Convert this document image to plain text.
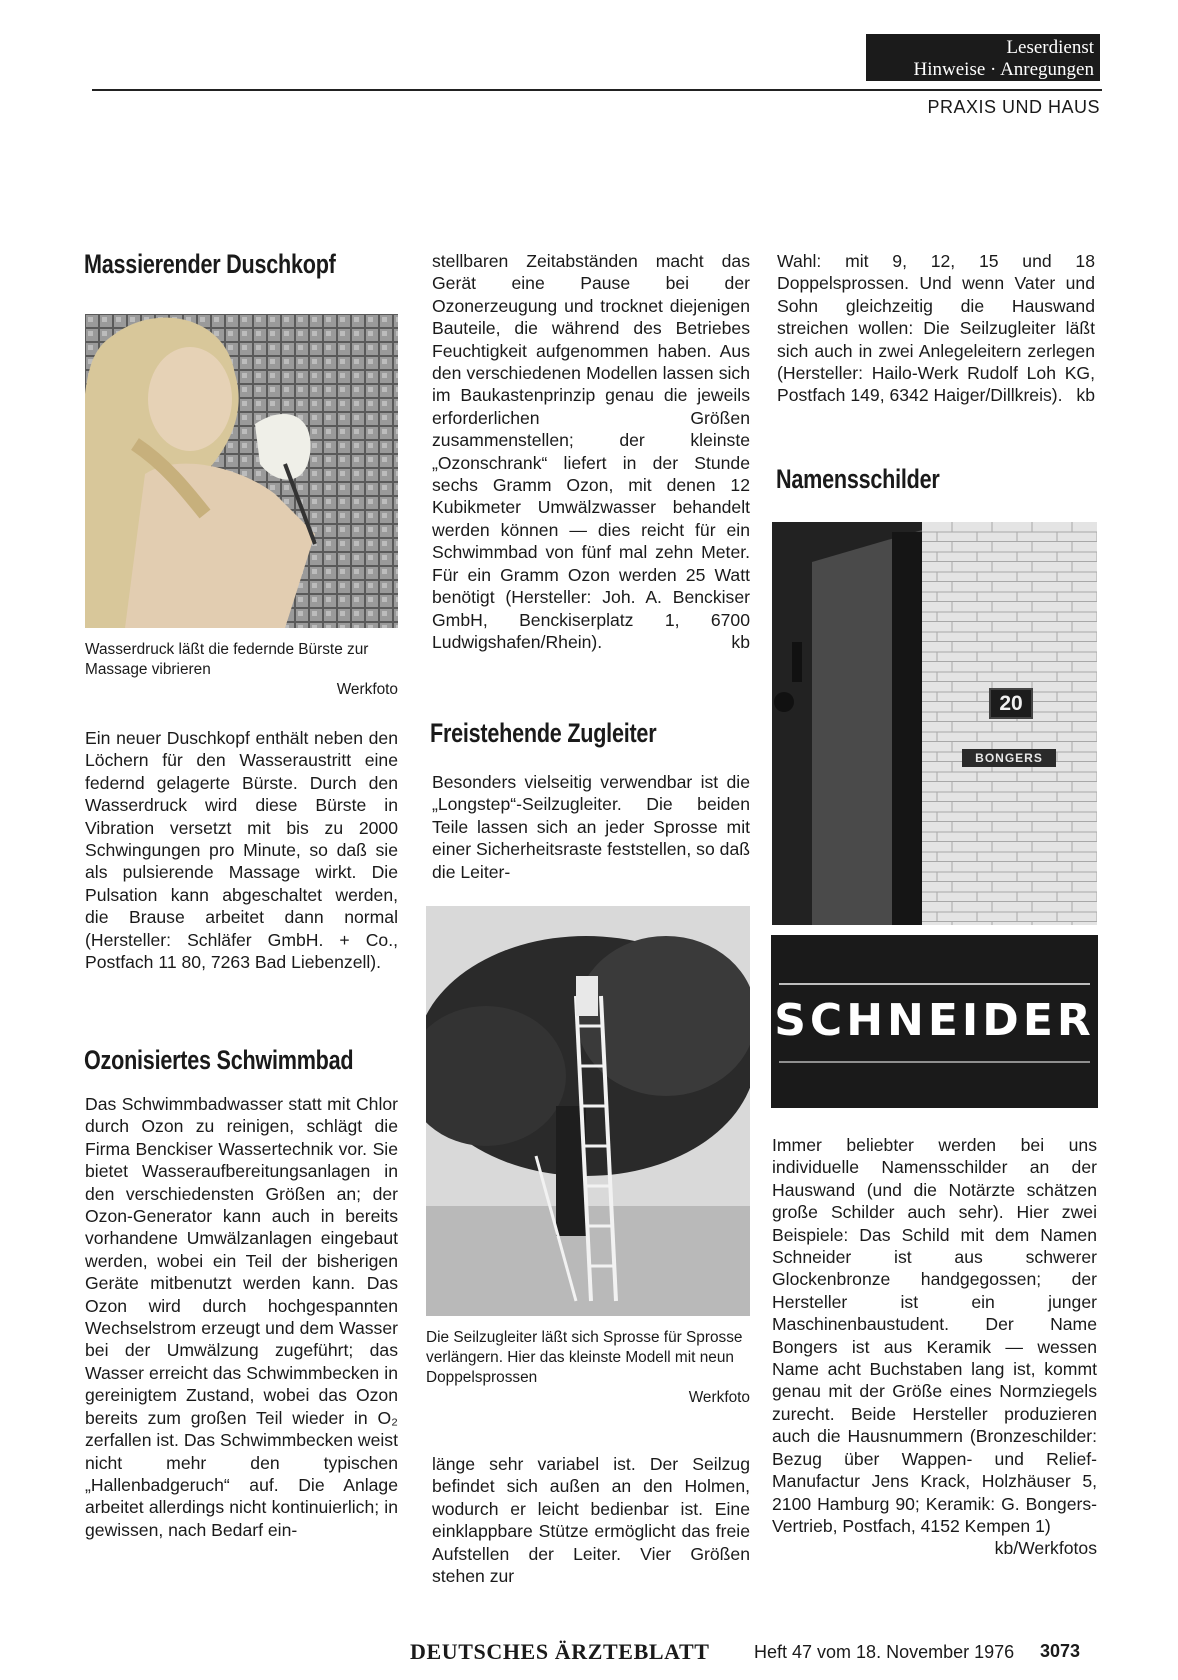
Leserdienst
Hinweise · Anregungen
PRAXIS UND HAUS
Massierender Duschkopf
Wasserdruck läßt die federnde Bürste zur Massage vibrieren
Werkfoto

Ein neuer Duschkopf enthält neben den Löchern für den Wasseraustritt eine federnd gelagerte Bürste. Durch den Wasserdruck wird diese Bürste in Vibration versetzt mit bis zu 2000 Schwingungen pro Minute, so daß sie als pulsierende Massage wirkt. Die Pulsation kann abgeschaltet werden, die Brause arbeitet dann normal (Hersteller: Schläfer GmbH. + Co., Postfach 11 80, 7263 Bad Liebenzell).

Ozonisiertes Schwimmbad

Das Schwimmbadwasser statt mit Chlor durch Ozon zu reinigen, schlägt die Firma Benckiser Wassertechnik vor. Sie bietet Wasseraufbereitungsanlagen in den verschiedensten Größen an; der Ozon-Generator kann auch in bereits vorhandene Umwälzanlagen eingebaut werden, wobei ein Teil der bisherigen Geräte mitbenutzt werden kann. Das Ozon wird durch hochgespannten Wechselstrom erzeugt und dem Wasser bei der Umwälzung zugeführt; das Wasser erreicht das Schwimmbecken in gereinigtem Zustand, wobei das Ozon bereits zum großen Teil wieder in O₂ zerfallen ist. Das Schwimmbecken weist nicht mehr den typischen „Hallenbadgeruch“ auf. Die Anlage arbeitet allerdings nicht kontinuierlich; in gewissen, nach Bedarf ein-

stellbaren Zeitabständen macht das Gerät eine Pause bei der Ozonerzeugung und trocknet diejenigen Bauteile, die während des Betriebes Feuchtigkeit aufgenommen haben. Aus den verschiedenen Modellen lassen sich im Baukastenprinzip genau die jeweils erforderlichen Größen zusammenstellen; der kleinste „Ozonschrank“ liefert in der Stunde sechs Gramm Ozon, mit denen 12 Kubikmeter Umwälzwasser behandelt werden können — dies reicht für ein Schwimmbad von fünf mal zehn Meter. Für ein Gramm Ozon werden 25 Watt benötigt (Hersteller: Joh. A. Benckiser GmbH, Benckiserplatz 1, 6700 Ludwigshafen/Rhein).	kb

Freistehende Zugleiter

Besonders vielseitig verwendbar ist die „Longstep“-Seilzugleiter. Die beiden Teile lassen sich an jeder Sprosse mit einer Sicherheitsraste feststellen, so daß die Leiter-

Die Seilzugleiter läßt sich Sprosse für Sprosse verlängern. Hier das kleinste Modell mit neun Doppelsprossen
Werkfoto

länge sehr variabel ist. Der Seilzug befindet sich außen an den Holmen, wodurch er leicht bedienbar ist. Eine einklappbare Stütze ermöglicht das freie Aufstellen der Leiter. Vier Größen stehen zur

Wahl: mit 9, 12, 15 und 18 Doppelsprossen. Und wenn Vater und Sohn gleichzeitig die Hauswand streichen wollen: Die Seilzugleiter läßt sich auch in zwei Anlegeleitern zerlegen (Hersteller: Hailo-Werk Rudolf Loh KG, Postfach 149, 6342 Haiger/Dillkreis). kb

Namensschilder
20
BONGERS
SCHNEIDER

Immer beliebter werden bei uns individuelle Namensschilder an der Hauswand (und die Notärzte schätzen große Schilder auch sehr). Hier zwei Beispiele: Das Schild mit dem Namen Schneider ist aus schwerer Glockenbronze handgegossen; der Hersteller ist ein junger Maschinenbaustudent. Der Name Bongers ist aus Keramik — wessen Name acht Buchstaben lang ist, kommt genau mit der Größe eines Normziegels zurecht. Beide Hersteller produzieren auch die Hausnummern (Bronzeschilder: Bezug über Wappen- und Relief-Manufactur Jens Krack, Holzhäuser 5, 2100 Hamburg 90; Keramik: G. Bongers-Vertrieb, Postfach, 4152 Kempen 1)
kb/Werkfotos

DEUTSCHES ÄRZTEBLATT Heft 47 vom 18. November 1976 3073
